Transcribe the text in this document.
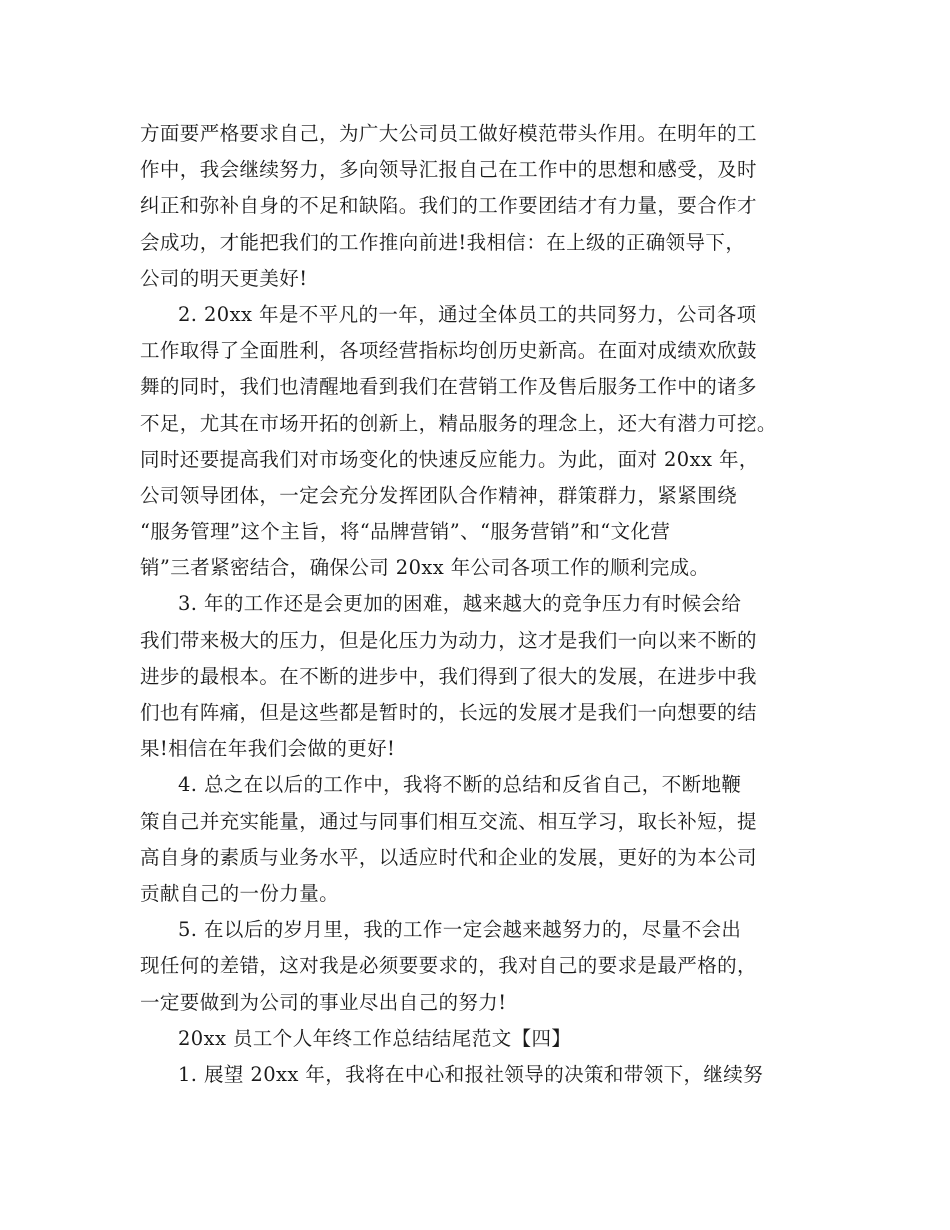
方面要严格要求自己，为广大公司员工做好模范带头作用。在明年的工
作中，我会继续努力，多向领导汇报自己在工作中的思想和感受，及时
纠正和弥补自身的不足和缺陷。我们的工作要团结才有力量，要合作才
会成功，才能把我们的工作推向前进!我相信：在上级的正确领导下，
公司的明天更美好!
2. 20xx 年是不平凡的一年，通过全体员工的共同努力，公司各项
工作取得了全面胜利，各项经营指标均创历史新高。在面对成绩欢欣鼓
舞的同时，我们也清醒地看到我们在营销工作及售后服务工作中的诸多
不足，尤其在市场开拓的创新上，精品服务的理念上，还大有潜力可挖。
同时还要提高我们对市场变化的快速反应能力。为此，面对 20xx 年，
公司领导团体，一定会充分发挥团队合作精神，群策群力，紧紧围绕
“服务管理”这个主旨，将“品牌营销”、“服务营销”和“文化营
销”三者紧密结合，确保公司 20xx 年公司各项工作的顺利完成。
3. 年的工作还是会更加的困难，越来越大的竞争压力有时候会给
我们带来极大的压力，但是化压力为动力，这才是我们一向以来不断的
进步的最根本。在不断的进步中，我们得到了很大的发展，在进步中我
们也有阵痛，但是这些都是暂时的，长远的发展才是我们一向想要的结
果!相信在年我们会做的更好!
4. 总之在以后的工作中，我将不断的总结和反省自己，不断地鞭
策自己并充实能量，通过与同事们相互交流、相互学习，取长补短，提
高自身的素质与业务水平，以适应时代和企业的发展，更好的为本公司
贡献自己的一份力量。
5. 在以后的岁月里，我的工作一定会越来越努力的，尽量不会出
现任何的差错，这对我是必须要要求的，我对自己的要求是最严格的，
一定要做到为公司的事业尽出自己的努力!
20xx 员工个人年终工作总结结尾范文【四】
1. 展望 20xx 年，我将在中心和报社领导的决策和带领下，继续努
